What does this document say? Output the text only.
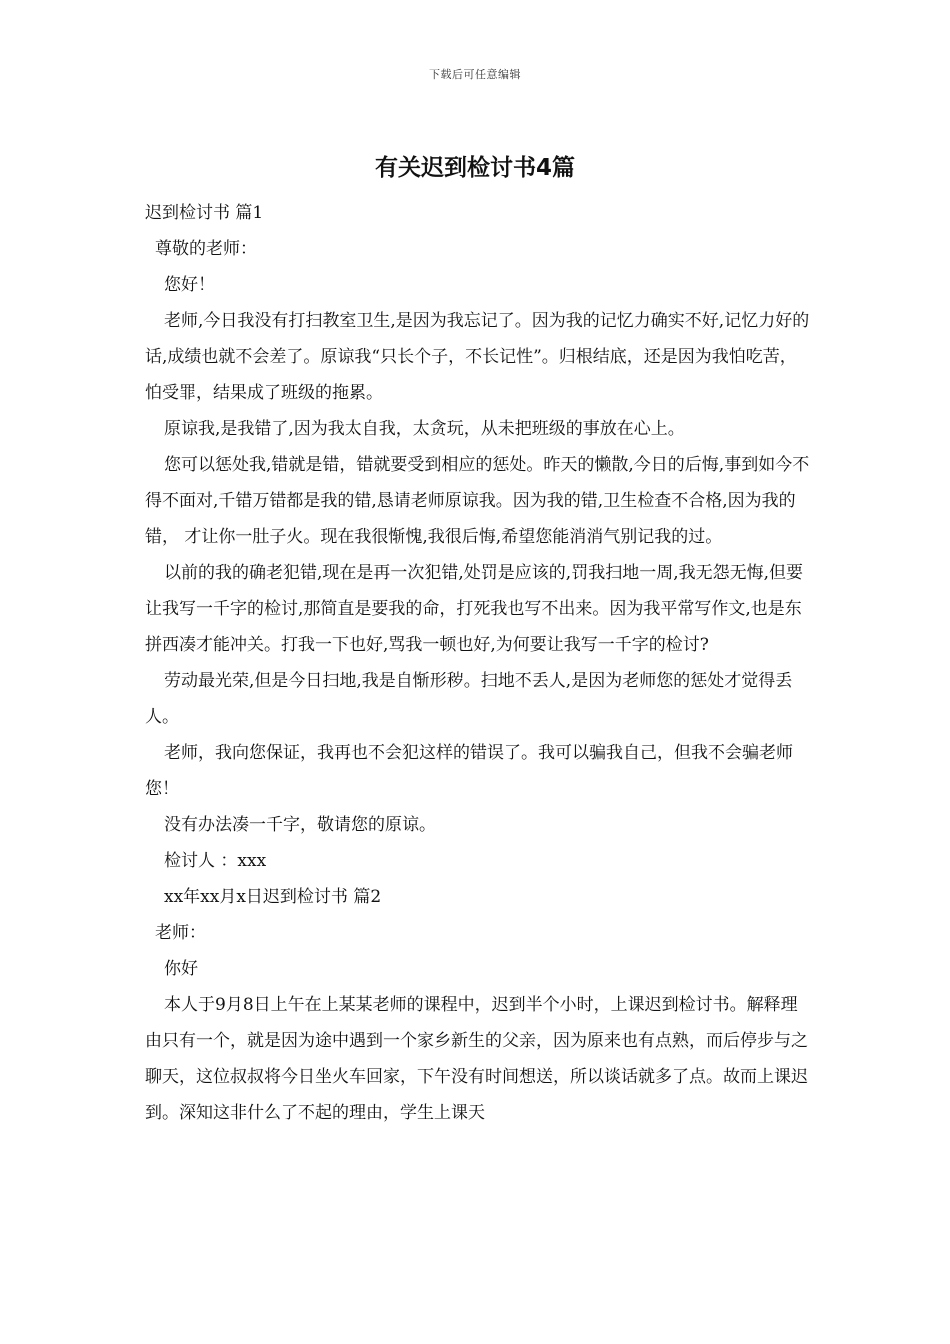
下载后可任意编辑
有关迟到检讨书4篇

迟到检讨书 篇1

尊敬的老师：

您好！

老师,今日我没有打扫教室卫生,是因为我忘记了。因为我的记忆力确实不好,记忆力好的话,成绩也就不会差了。原谅我“只长个子，不长记性”。归根结底，还是因为我怕吃苦，怕受罪，结果成了班级的拖累。

原谅我,是我错了,因为我太自我，太贪玩，从未把班级的事放在心上。

您可以惩处我,错就是错，错就要受到相应的惩处。昨天的懒散,今日的后悔,事到如今不得不面对,千错万错都是我的错,恳请老师原谅我。因为我的错,卫生检查不合格,因为我的错， 才让你一肚子火。现在我很惭愧,我很后悔,希望您能消消气别记我的过。

以前的我的确老犯错,现在是再一次犯错,处罚是应该的,罚我扫地一周,我无怨无悔,但要让我写一千字的检讨,那简直是要我的命，打死我也写不出来。因为我平常写作文,也是东拼西凑才能冲关。打我一下也好,骂我一顿也好,为何要让我写一千字的检讨?

劳动最光荣,但是今日扫地,我是自惭形秽。扫地不丢人,是因为老师您的惩处才觉得丢人。

老师，我向您保证，我再也不会犯这样的错误了。我可以骗我自己，但我不会骗老师您！

没有办法凑一千字，敬请您的原谅。

检讨人 ：xxx

xx年xx月x日迟到检讨书 篇2

老师：

你好

本人于9月8日上午在上某某老师的课程中，迟到半个小时，上课迟到检讨书。解释理由只有一个，就是因为途中遇到一个家乡新生的父亲，因为原来也有点熟，而后停步与之聊天，这位叔叔将今日坐火车回家，下午没有时间想送，所以谈话就多了点。故而上课迟到。深知这非什么了不起的理由，学生上课天
